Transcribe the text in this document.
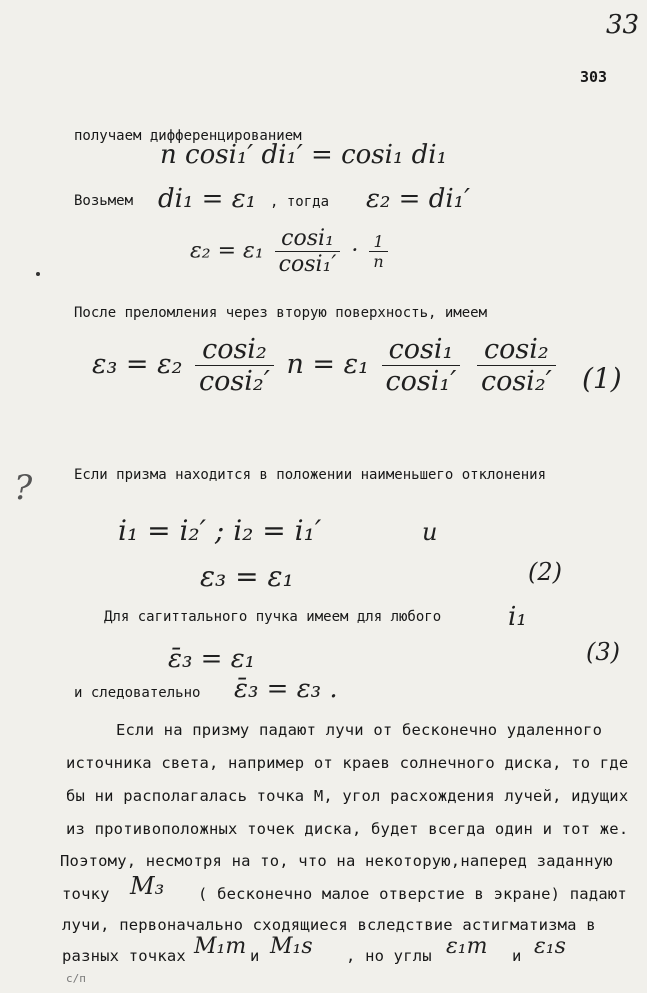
33
303
получаем дифференцированием
n cosi₁′ di₁′ = cosi₁ di₁
Возьмем di₁ = ε₁ , тогда ε₂ = di₁′
$\varepsilon_2 = \varepsilon_1 \frac{\text{cosi₁}}{\text{cosi₁′}} \cdot \frac{1}{n}$
После преломления через вторую поверхность, имеем
$\varepsilon_3 = \varepsilon_2 \frac{\text{cosi₂}}{\text{cosi₂′}}$ $n = \varepsilon_1 \frac{\text{cosi₁}}{\text{cosi₁′}}$
$\frac{\text{cosi₂}}{\text{cosi₂′}} (1)$
?	Если призма находится в положении наименьшего отклонения
i₁ = i₂′ ; i₂ = i₁′	и
ε₃ = ε₁	(2)
Для сагиттального пучка имеем для любого	i₁
ε̄₃ = ε₁	(3)
и следовательно ε̄₃ = ε₃ .
Если на призму падают лучи от бесконечно удаленного
источника света, например от краев солнечного диска, то где
бы ни располагалась точка M, угол расхождения лучей, идущих
из противоположных точек диска, будет всегда один и тот же.
Поэтому, несмотря на то, что на некоторую,наперед заданную
точку M₃ ( бесконечно малое отверстие в экране) падают
лучи, первоначально сходящиеся вследствие астигматизма в
разных точках M₁m и M₁s , но углы ε₁m и ε₁s
с/п
